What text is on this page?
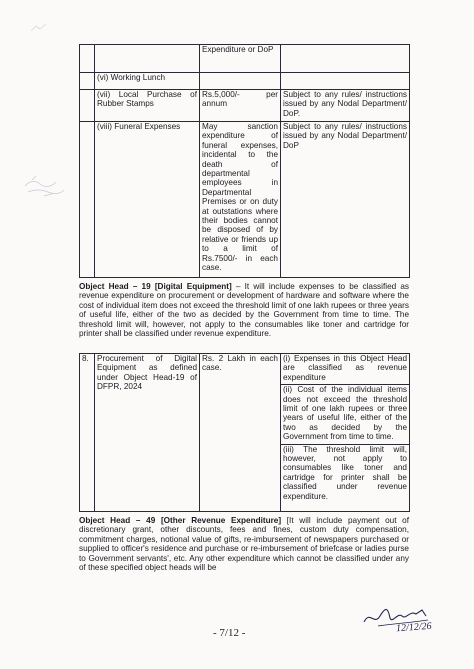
		Expenditure or DoP	
	(vi) Working Lunch		
	(vii) Local Purchase of Rubber Stamps	Rs.5,000/- per annum	Subject to any rules/ instructions issued by any Nodal Department/ DoP.
	(viii) Funeral Expenses	May sanction expenditure of funeral expenses, incidental to the death of departmental employees in Departmental Premises or on duty at outstations where their bodies cannot be disposed of by relative or friends up to a limit of Rs.7500/- in each case.	Subject to any rules/ instructions issued by any Nodal Department/ DoP
Object Head – 19 [Digital Equipment] – It will include expenses to be classified as revenue expenditure on procurement or development of hardware and software where the cost of individual item does not exceed the threshold limit of one lakh rupees or three years of useful life, either of the two as decided by the Government from time to time. The threshold limit will, however, not apply to the consumables like toner and cartridge for printer shall be classified under revenue expenditure.
8.	Procurement of Digital Equipment as defined under Object Head-19 of DFPR, 2024	Rs. 2 Lakh in each case.	
(i) Expenses in this Object Head are classified as revenue expenditure
(ii) Cost of the individual items does not exceed the threshold limit of one lakh rupees or three years of useful life, either of the two as decided by the Government from time to time.
(iii) The threshold limit will, however, not apply to consumables like toner and cartridge for printer shall be classified under revenue expenditure.
Object Head – 49 [Other Revenue Expenditure] [It will include payment out of discretionary grant, other discounts, fees and fines, custom duty compensation, commitment charges, notional value of gifts, re-imbursement of newspapers purchased or supplied to officer's residence and purchase or re-imbursement of briefcase or ladies purse to Government servants', etc. Any other expenditure which cannot be classified under any of these specified object heads will be
12/12/26
- 7/12 -
